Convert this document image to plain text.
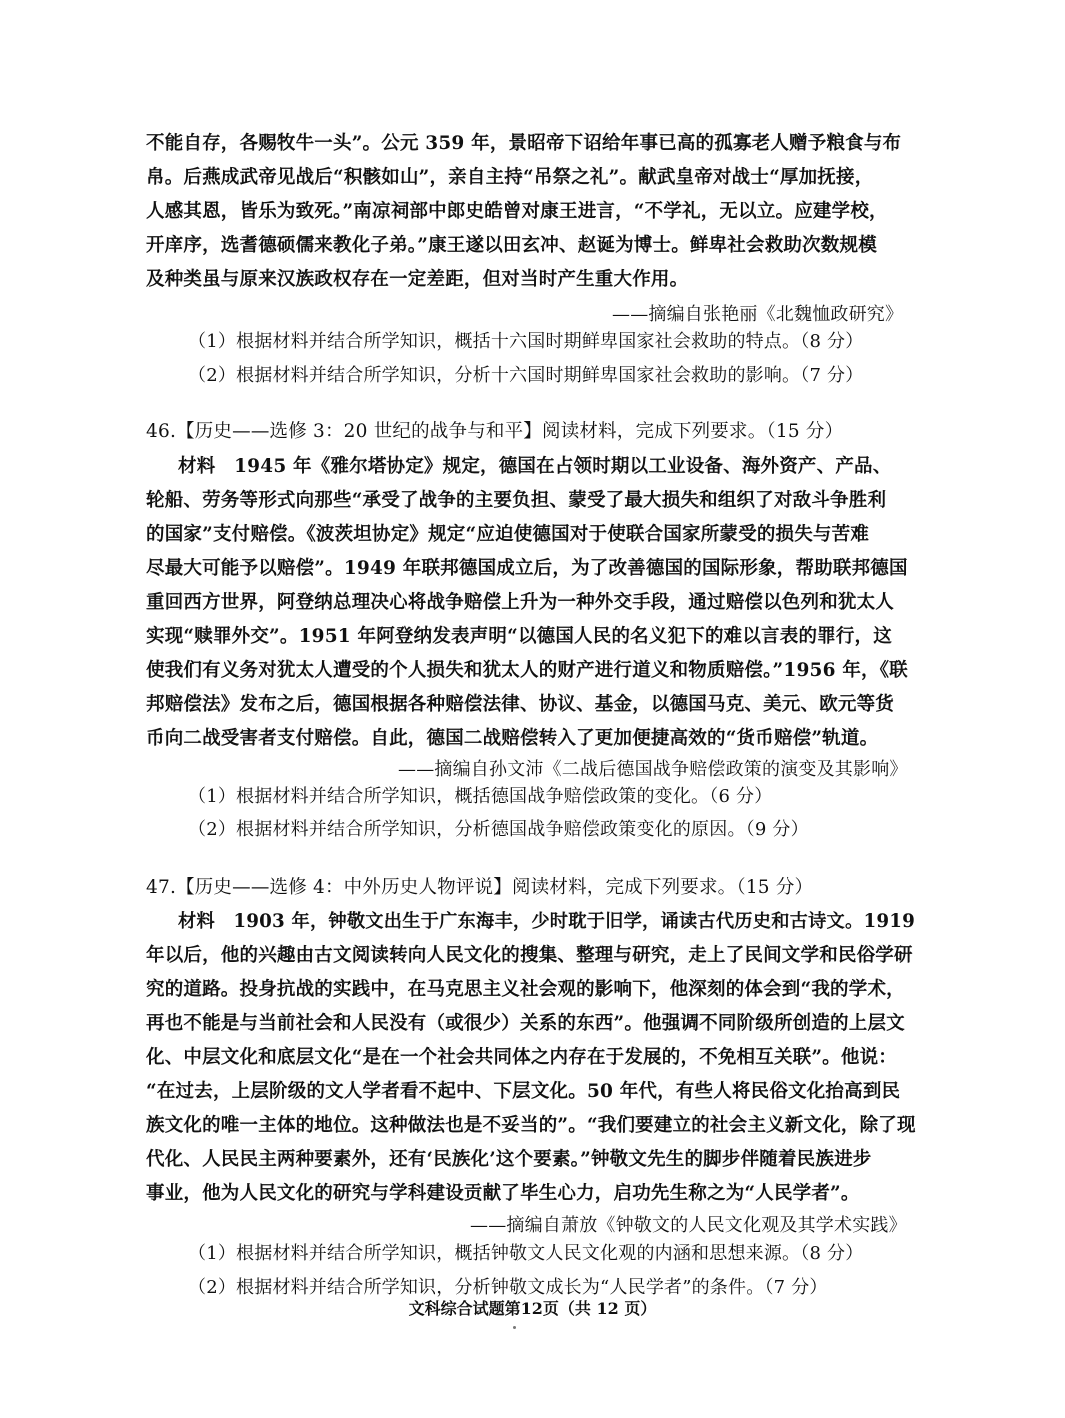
不能自存，各赐牧牛一头”。公元 359 年，景昭帝下诏给年事已高的孤寡老人赠予粮食与布
帛。后燕成武帝见战后“积骸如山”，亲自主持“吊祭之礼”。献武皇帝对战士“厚加抚接，
人感其恩，皆乐为致死。”南凉祠部中郎史皓曾对康王进言，“不学礼，无以立。应建学校，
开庠序，选耆德硕儒来教化子弟。”康王遂以田玄冲、赵诞为博士。鲜卑社会救助次数规模
及种类虽与原来汉族政权存在一定差距，但对当时产生重大作用。
——摘编自张艳丽《北魏恤政研究》
（1）根据材料并结合所学知识，概括十六国时期鲜卑国家社会救助的特点。（8 分）
（2）根据材料并结合所学知识，分析十六国时期鲜卑国家社会救助的影响。（7 分）
46.【历史——选修 3：20 世纪的战争与和平】阅读材料，完成下列要求。（15 分）
材料　1945 年《雅尔塔协定》规定，德国在占领时期以工业设备、海外资产、产品、
轮船、劳务等形式向那些“承受了战争的主要负担、蒙受了最大损失和组织了对敌斗争胜利
的国家”支付赔偿。《波茨坦协定》规定“应迫使德国对于使联合国家所蒙受的损失与苦难
尽最大可能予以赔偿”。1949 年联邦德国成立后，为了改善德国的国际形象，帮助联邦德国
重回西方世界，阿登纳总理决心将战争赔偿上升为一种外交手段，通过赔偿以色列和犹太人
实现“赎罪外交”。1951 年阿登纳发表声明“以德国人民的名义犯下的难以言表的罪行，这
使我们有义务对犹太人遭受的个人损失和犹太人的财产进行道义和物质赔偿。”1956 年，《联
邦赔偿法》发布之后，德国根据各种赔偿法律、协议、基金，以德国马克、美元、欧元等货
币向二战受害者支付赔偿。自此，德国二战赔偿转入了更加便捷高效的“货币赔偿”轨道。
——摘编自孙文沛《二战后德国战争赔偿政策的演变及其影响》
（1）根据材料并结合所学知识，概括德国战争赔偿政策的变化。（6 分）
（2）根据材料并结合所学知识，分析德国战争赔偿政策变化的原因。（9 分）
47.【历史——选修 4：中外历史人物评说】阅读材料，完成下列要求。（15 分）
材料　1903 年，钟敬文出生于广东海丰，少时耽于旧学，诵读古代历史和古诗文。1919
年以后，他的兴趣由古文阅读转向人民文化的搜集、整理与研究，走上了民间文学和民俗学研
究的道路。投身抗战的实践中，在马克思主义社会观的影响下，他深刻的体会到“我的学术，
再也不能是与当前社会和人民没有（或很少）关系的东西”。他强调不同阶级所创造的上层文
化、中层文化和底层文化“是在一个社会共同体之内存在于发展的，不免相互关联”。他说：
“在过去，上层阶级的文人学者看不起中、下层文化。50 年代，有些人将民俗文化抬高到民
族文化的唯一主体的地位。这种做法也是不妥当的”。“我们要建立的社会主义新文化，除了现
代化、人民民主两种要素外，还有‘民族化’这个要素。”钟敬文先生的脚步伴随着民族进步
事业，他为人民文化的研究与学科建设贡献了毕生心力，启功先生称之为“人民学者”。
——摘编自萧放《钟敬文的人民文化观及其学术实践》
（1）根据材料并结合所学知识，概括钟敬文人民文化观的内涵和思想来源。（8 分）
（2）根据材料并结合所学知识，分析钟敬文成长为“人民学者”的条件。（7 分）
文科综合试题第12页（共 12 页）
